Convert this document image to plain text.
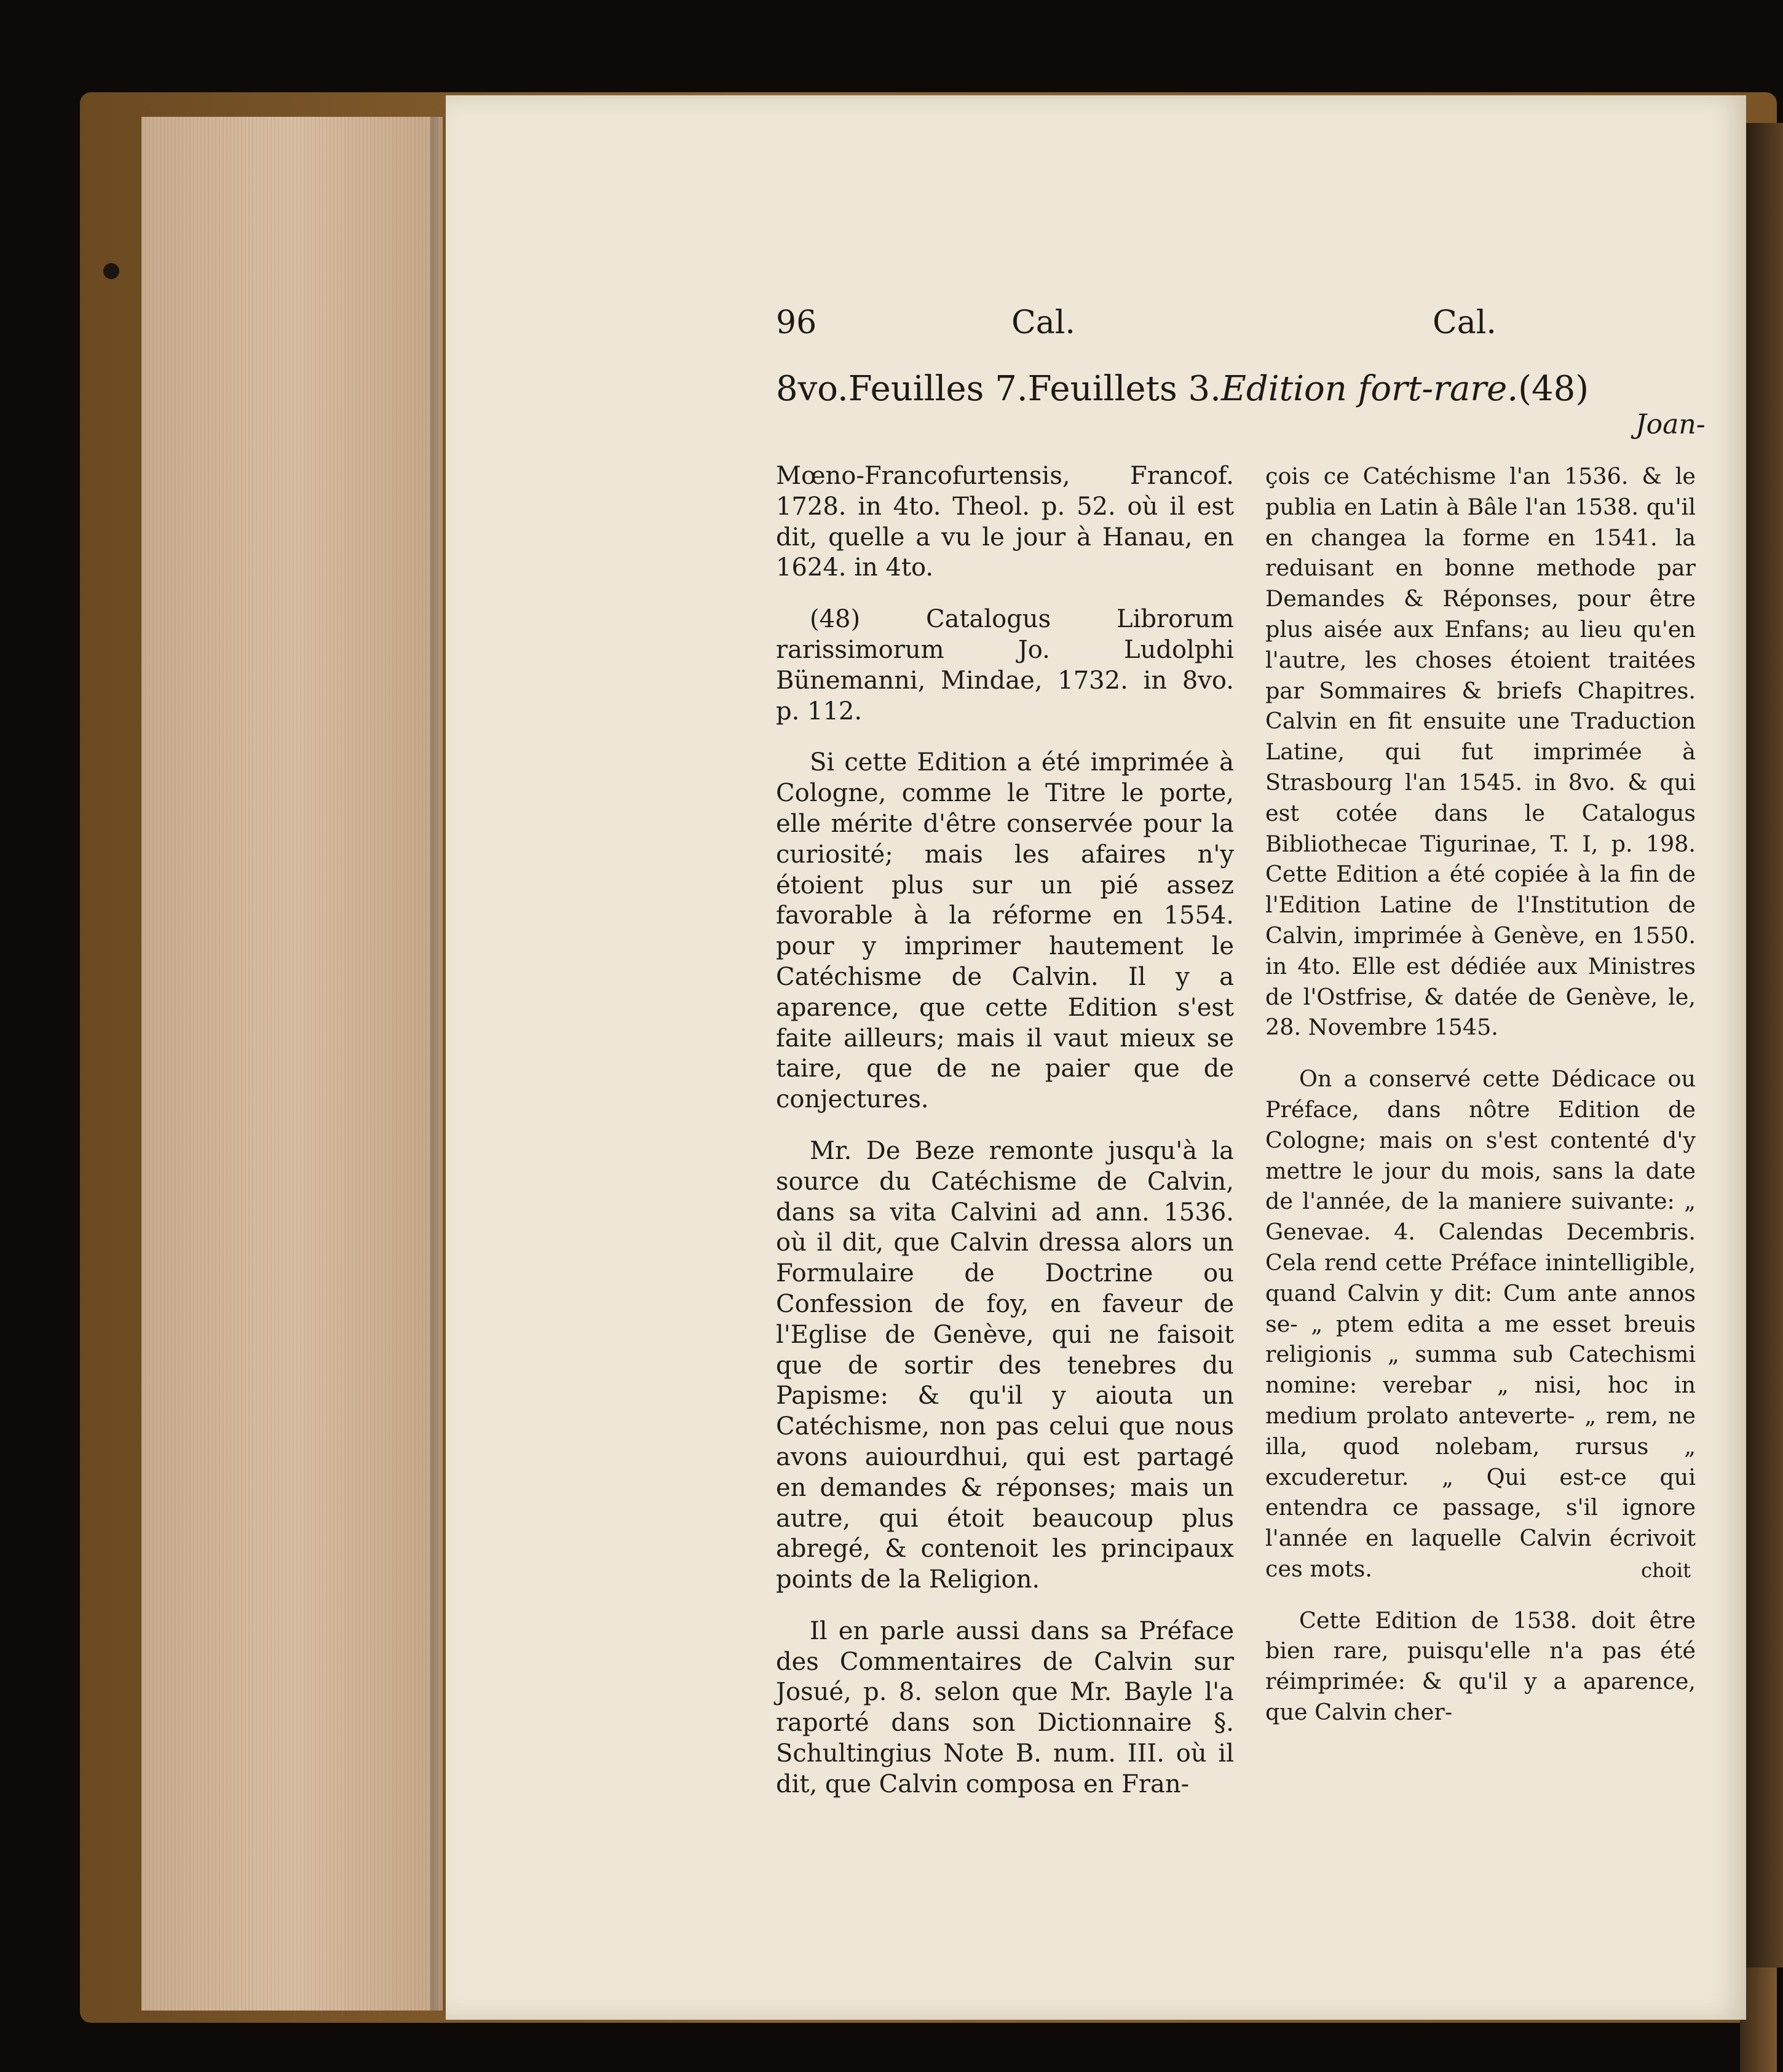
96	Cal.	Cal.
8vo.Feuilles 7. Feuillets 3. Edition fort-rare. (48)
Joan-

Mœno-Francofurtensis, Francof. 1728. in 4to. Theol. p. 52. où il est dit, quelle a vu le jour à Hanau, en 1624. in 4to.

(48) Catalogus Librorum rarissimorum Jo. Ludolphi Bünemanni, Mindae, 1732. in 8vo. p. 112.

Si cette Edition a été imprimée à Cologne, comme le Titre le porte, elle mérite d'être conservée pour la curiosité; mais les afaires n'y étoient plus sur un pié assez favorable à la réforme en 1554. pour y imprimer hautement le Catéchisme de Calvin. Il y a aparence, que cette Edition s'est faite ailleurs; mais il vaut mieux se taire, que de ne paier que de conjectures.

Mr. De Beze remonte jusqu'à la source du Catéchisme de Calvin, dans sa vita Calvini ad ann. 1536. où il dit, que Calvin dressa alors un Formulaire de Doctrine ou Confession de foy, en faveur de l'Eglise de Genève, qui ne faisoit que de sortir des tenebres du Papisme: & qu'il y aiouta un Catéchisme, non pas celui que nous avons auiourdhui, qui est partagé en demandes & réponses; mais un autre, qui étoit beaucoup plus abregé, & contenoit les principaux points de la Religion.

Il en parle aussi dans sa Préface des Commentaires de Calvin sur Josué, p. 8. selon que Mr. Bayle l'a raporté dans son Dictionnaire §. Schultingius Note B. num. III. où il dit, que Calvin composa en Fran-

çois ce Catéchisme l'an 1536. & le publia en Latin à Bâle l'an 1538. qu'il en changea la forme en 1541. la reduisant en bonne methode par Demandes & Réponses, pour être plus aisée aux Enfans; au lieu qu'en l'autre, les choses étoient traitées par Sommaires & briefs Chapitres. Calvin en fit ensuite une Traduction Latine, qui fut imprimée à Strasbourg l'an 1545. in 8vo. & qui est cotée dans le Catalogus Bibliothecae Tigurinae, T. I, p. 198. Cette Edition a été copiée à la fin de l'Edition Latine de l'Institution de Calvin, imprimée à Genève, en 1550. in 4to. Elle est dédiée aux Ministres de l'Ostfrise, & datée de Genève, le, 28. Novembre 1545.

On a conservé cette Dédicace ou Préface, dans nôtre Edition de Cologne; mais on s'est contenté d'y mettre le jour du mois, sans la date de l'année, de la maniere suivante: „ Genevae. 4. Calendas Decembris. Cela rend cette Préface inintelligible, quand Calvin y dit: Cum ante annos se- „ ptem edita a me esset breuis religionis „ summa sub Catechismi nomine: verebar „ nisi, hoc in medium prolato anteverte- „ rem, ne illa, quod nolebam, rursus „ excuderetur. „ Qui est-ce qui entendra ce passage, s'il ignore l'année en laquelle Calvin écrivoit ces mots.

Cette Edition de 1538. doit être bien rare, puisqu'elle n'a pas été réimprimée: & qu'il y a aparence, que Calvin cher-

choit
